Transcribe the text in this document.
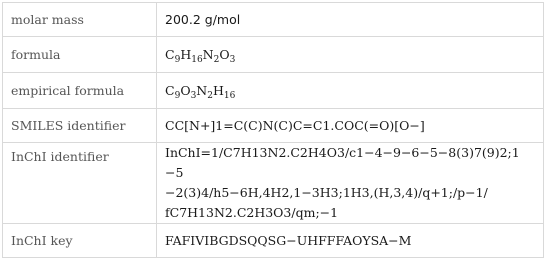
molar mass	200.2 g/mol
formula	$C_9H_{16}N_2O_3$
empirical formula	$C_9O_3N_2H_{16}$
SMILES identifier	CC[N+]1=C(C)N(C)C=C1.COC(=O)[O−]
InChI identifier	InChI=1/C7H13N2.C2H4O3/c1−4−9−6−5−8(3)7(9)2;1−5
−2(3)4/h5−6H,4H2,1−3H3;1H3,(H,3,4)/q+1;/p−1/
fC7H13N2.C2H3O3/qm;−1

InChI key	FAFIVIBGDSQQSG−UHFFFAOYSA−M
